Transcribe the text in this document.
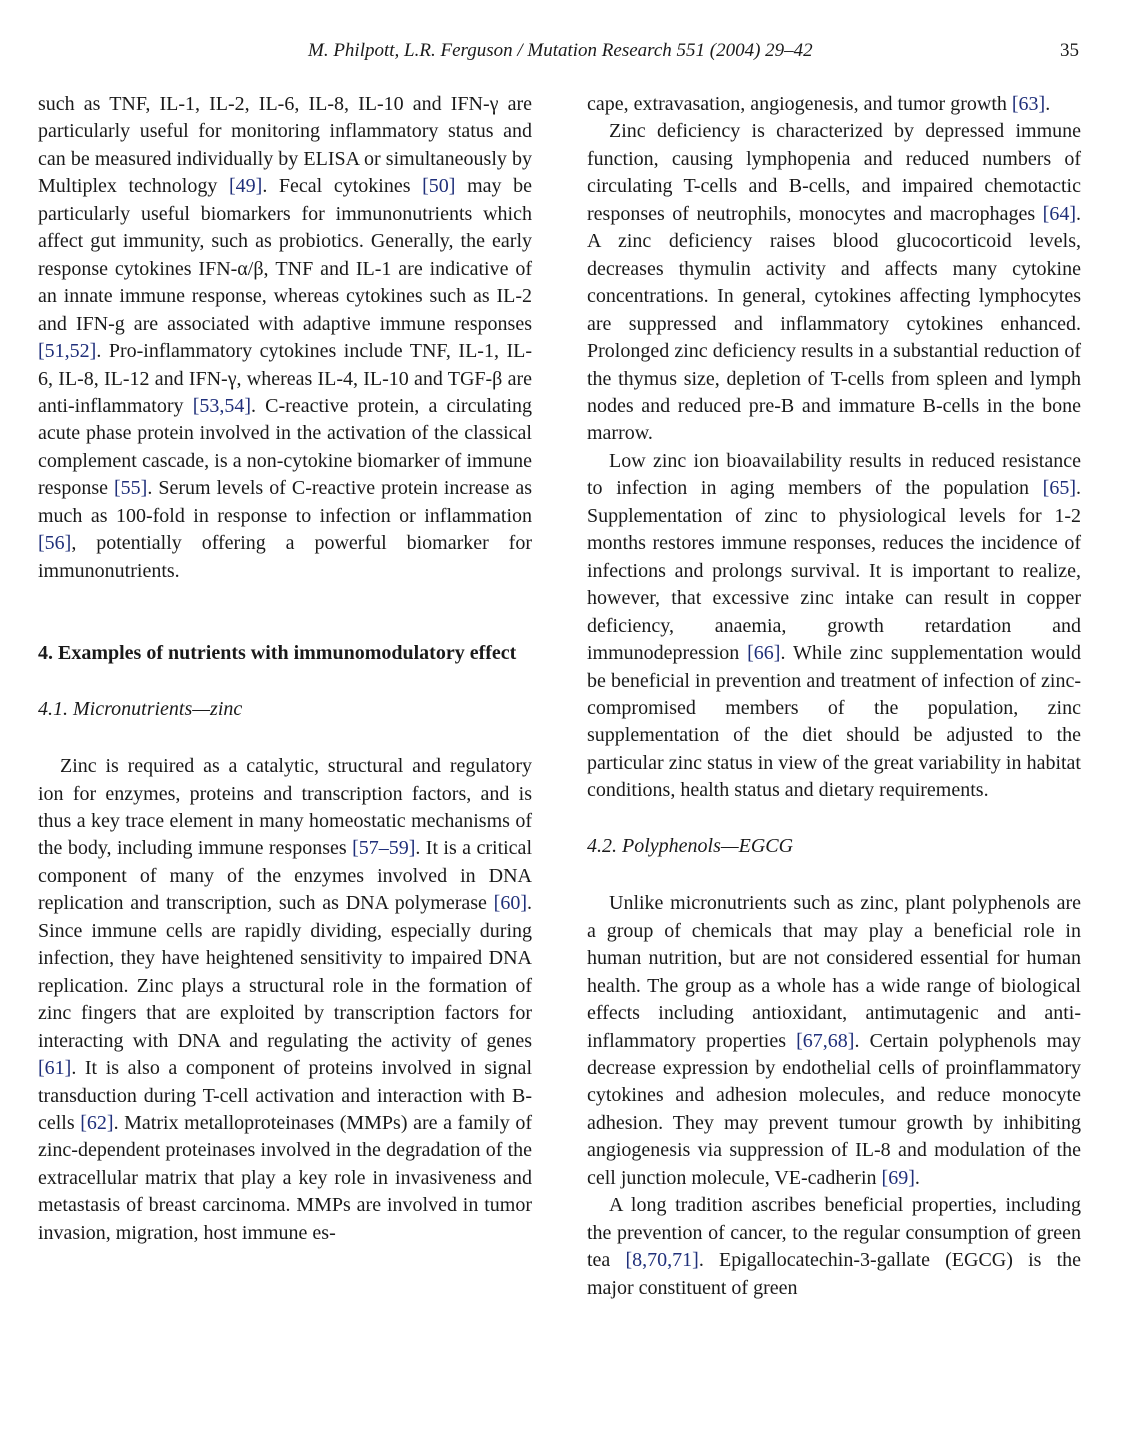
M. Philpott, L.R. Ferguson / Mutation Research 551 (2004) 29–42	35

such as TNF, IL-1, IL-2, IL-6, IL-8, IL-10 and IFN-γ are particularly useful for monitoring inflammatory status and can be measured individually by ELISA or simultaneously by Multiplex technology [49]. Fecal cytokines [50] may be particularly useful biomarkers for immunonutrients which affect gut immunity, such as probiotics. Generally, the early response cytokines IFN-α/β, TNF and IL-1 are indicative of an innate immune response, whereas cytokines such as IL-2 and IFN-g are associated with adaptive immune responses [51,52]. Pro-inflammatory cytokines include TNF, IL-1, IL-6, IL-8, IL-12 and IFN-γ, whereas IL-4, IL-10 and TGF-β are anti-inflammatory [53,54]. C-reactive protein, a circulating acute phase protein involved in the activation of the classical complement cascade, is a non-cytokine biomarker of immune response [55]. Serum levels of C-reactive protein increase as much as 100-fold in response to infection or inflammation [56], potentially offering a powerful biomarker for immunonutrients.

4. Examples of nutrients with immunomodulatory effect
4.1. Micronutrients—zinc

Zinc is required as a catalytic, structural and regulatory ion for enzymes, proteins and transcription factors, and is thus a key trace element in many homeostatic mechanisms of the body, including immune responses [57–59]. It is a critical component of many of the enzymes involved in DNA replication and transcription, such as DNA polymerase [60]. Since immune cells are rapidly dividing, especially during infection, they have heightened sensitivity to impaired DNA replication. Zinc plays a structural role in the formation of zinc fingers that are exploited by transcription factors for interacting with DNA and regulating the activity of genes [61]. It is also a component of proteins involved in signal transduction during T-cell activation and interaction with B-cells [62]. Matrix metalloproteinases (MMPs) are a family of zinc-dependent proteinases involved in the degradation of the extracellular matrix that play a key role in invasiveness and metastasis of breast carcinoma. MMPs are involved in tumor invasion, migration, host immune es-

cape, extravasation, angiogenesis, and tumor growth [63].

Zinc deficiency is characterized by depressed immune function, causing lymphopenia and reduced numbers of circulating T-cells and B-cells, and impaired chemotactic responses of neutrophils, monocytes and macrophages [64]. A zinc deficiency raises blood glucocorticoid levels, decreases thymulin activity and affects many cytokine concentrations. In general, cytokines affecting lymphocytes are suppressed and inflammatory cytokines enhanced. Prolonged zinc deficiency results in a substantial reduction of the thymus size, depletion of T-cells from spleen and lymph nodes and reduced pre-B and immature B-cells in the bone marrow.

Low zinc ion bioavailability results in reduced resistance to infection in aging members of the population [65]. Supplementation of zinc to physiological levels for 1-2 months restores immune responses, reduces the incidence of infections and prolongs survival. It is important to realize, however, that excessive zinc intake can result in copper deficiency, anaemia, growth retardation and immunodepression [66]. While zinc supplementation would be beneficial in prevention and treatment of infection of zinc-compromised members of the population, zinc supplementation of the diet should be adjusted to the particular zinc status in view of the great variability in habitat conditions, health status and dietary requirements.

4.2. Polyphenols—EGCG

Unlike micronutrients such as zinc, plant polyphenols are a group of chemicals that may play a beneficial role in human nutrition, but are not considered essential for human health. The group as a whole has a wide range of biological effects including antioxidant, antimutagenic and anti-inflammatory properties [67,68]. Certain polyphenols may decrease expression by endothelial cells of proinflammatory cytokines and adhesion molecules, and reduce monocyte adhesion. They may prevent tumour growth by inhibiting angiogenesis via suppression of IL-8 and modulation of the cell junction molecule, VE-cadherin [69].

A long tradition ascribes beneficial properties, including the prevention of cancer, to the regular consumption of green tea [8,70,71]. Epigallocatechin-3-gallate (EGCG) is the major constituent of green
